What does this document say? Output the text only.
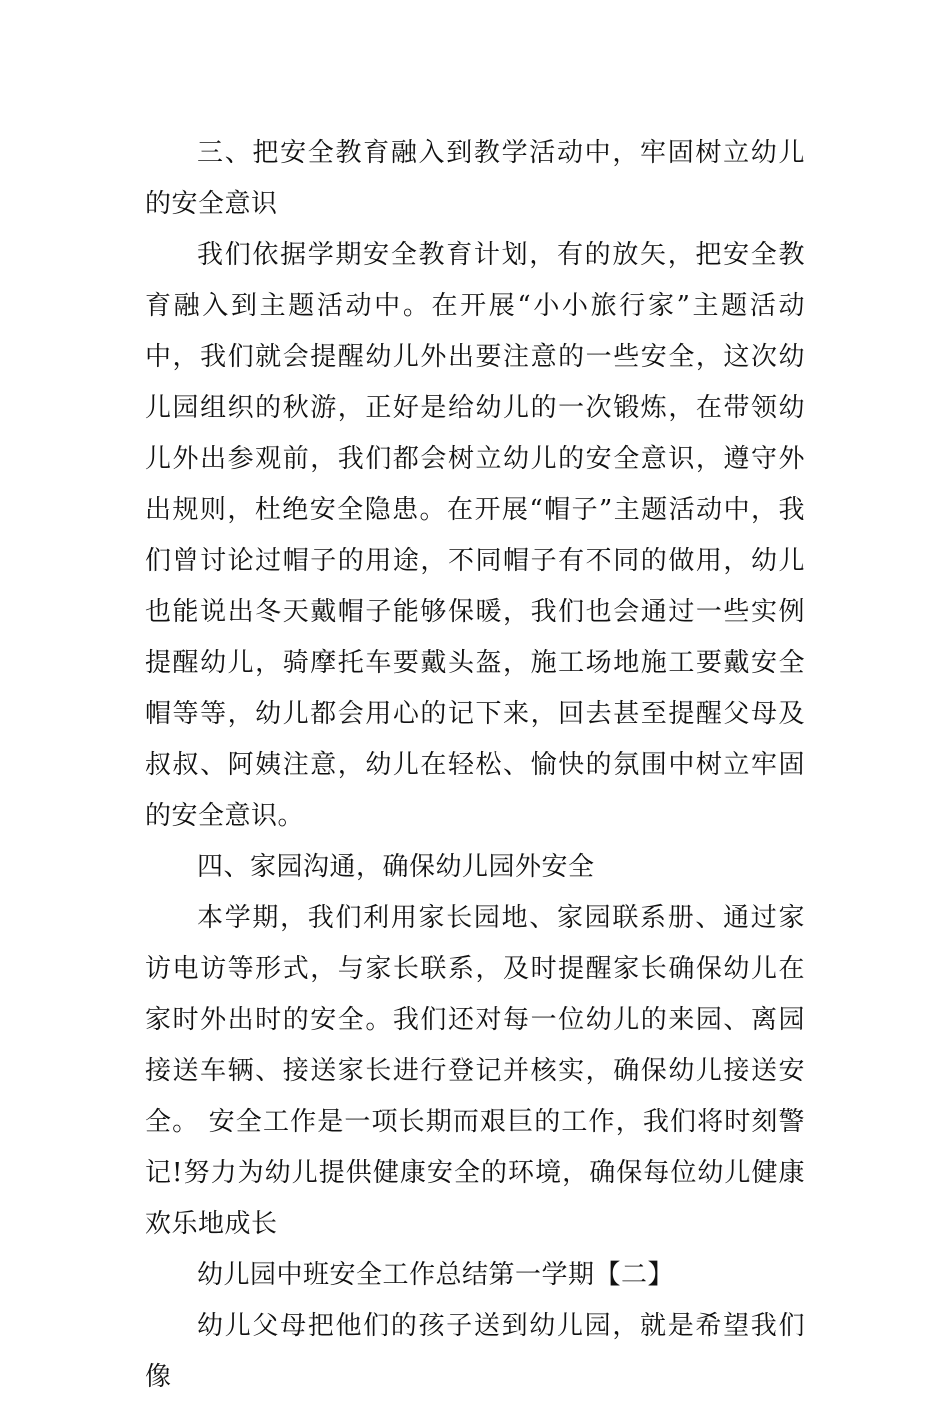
三、把安全教育融入到教学活动中，牢固树立幼儿的安全意识

我们依据学期安全教育计划，有的放矢，把安全教育融入到主题活动中。在开展“小小旅行家”主题活动中，我们就会提醒幼儿外出要注意的一些安全，这次幼儿园组织的秋游，正好是给幼儿的一次锻炼，在带领幼儿外出参观前，我们都会树立幼儿的安全意识，遵守外出规则，杜绝安全隐患。在开展“帽子”主题活动中，我们曾讨论过帽子的用途，不同帽子有不同的做用，幼儿也能说出冬天戴帽子能够保暖，我们也会通过一些实例提醒幼儿，骑摩托车要戴头盔，施工场地施工要戴安全帽等等，幼儿都会用心的记下来，回去甚至提醒父母及叔叔、阿姨注意，幼儿在轻松、愉快的氛围中树立牢固的安全意识。

四、家园沟通，确保幼儿园外安全

本学期，我们利用家长园地、家园联系册、通过家访电访等形式，与家长联系，及时提醒家长确保幼儿在家时外出时的安全。我们还对每一位幼儿的来园、离园接送车辆、接送家长进行登记并核实，确保幼儿接送安全。 安全工作是一项长期而艰巨的工作，我们将时刻警记!努力为幼儿提供健康安全的环境，确保每位幼儿健康欢乐地成长

幼儿园中班安全工作总结第一学期【二】

幼儿父母把他们的孩子送到幼儿园，就是希望我们像
